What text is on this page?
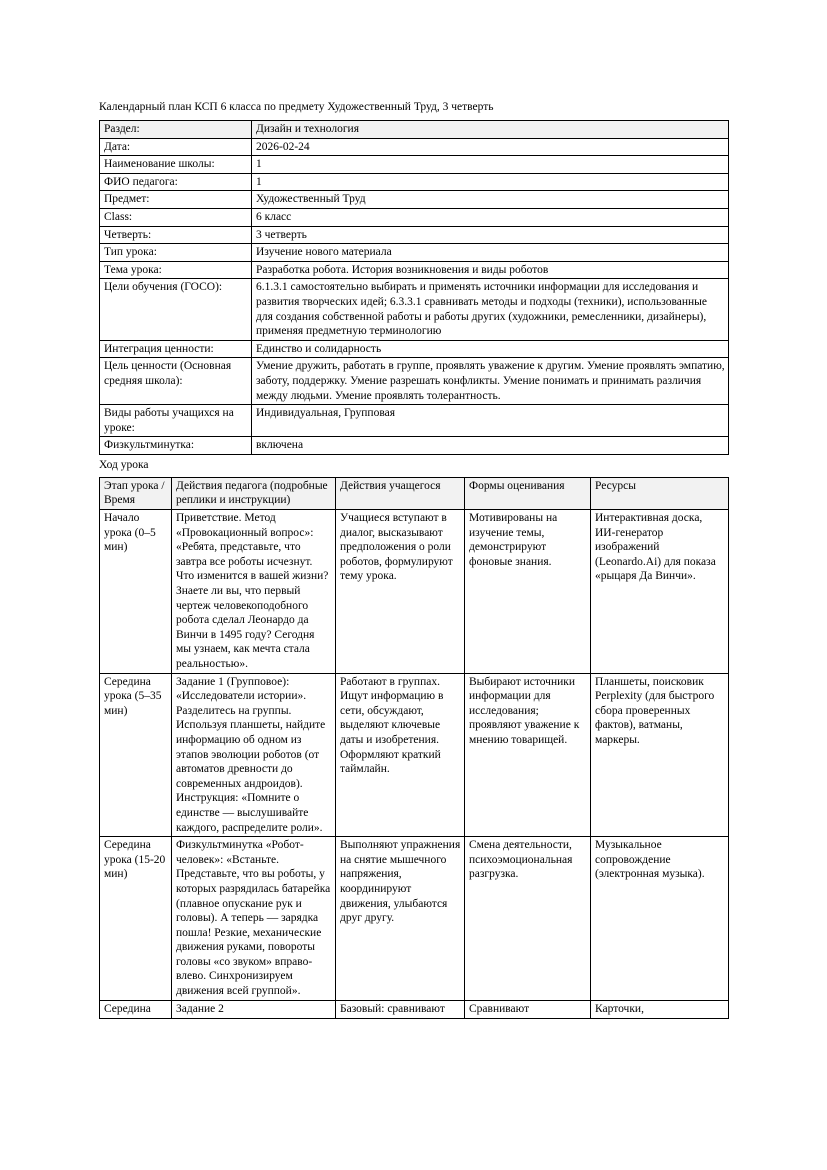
Календарный план КСП 6 класса по предмету Художественный Труд, 3 четверть

Раздел:	Дизайн и технология
Дата:	2026-02-24
Наименование школы:	1
ФИО педагога:	1
Предмет:	Художественный Труд
Class:	6 класс
Четверть:	3 четверть
Тип урока:	Изучение нового материала
Тема урока:	Разработка робота. История возникновения и виды роботов
Цели обучения (ГОСО):	6.1.3.1 самостоятельно выбирать и применять источники информации для исследования и развития творческих идей; 6.3.3.1 сравнивать методы и подходы (техники), использованные для создания собственной работы и работы других (художники, ремесленники, дизайнеры), применяя предметную терминологию
Интеграция ценности:	Единство и солидарность
Цель ценности (Основная средняя школа):	Умение дружить, работать в группе, проявлять уважение к другим. Умение проявлять эмпатию, заботу, поддержку. Умение разрешать конфликты. Умение понимать и принимать различия между людьми. Умение проявлять толерантность.
Виды работы учащихся на уроке:	Индивидуальная, Групповая
Физкультминутка:	включена

Ход урока

Этап урока / Время	Действия педагога (подробные реплики и инструкции)	Действия учащегося	Формы оценивания	Ресурсы
Начало урока (0–5 мин)	Приветствие. Метод «Провокационный вопрос»: «Ребята, представьте, что завтра все роботы исчезнут. Что изменится в вашей жизни? Знаете ли вы, что первый чертеж человекоподобного робота сделал Леонардо да Винчи в 1495 году? Сегодня мы узнаем, как мечта стала реальностью».	Учащиеся вступают в диалог, высказывают предположения о роли роботов, формулируют тему урока.	Мотивированы на изучение темы, демонстрируют фоновые знания.	Интерактивная доска, ИИ-генератор изображений (Leonardo.Ai) для показа «рыцаря Да Винчи».
Середина урока (5–35 мин)	Задание 1 (Групповое): «Исследователи истории». Разделитесь на группы. Используя планшеты, найдите информацию об одном из этапов эволюции роботов (от автоматов древности до современных андроидов). Инструкция: «Помните о единстве — выслушивайте каждого, распределите роли».	Работают в группах. Ищут информацию в сети, обсуждают, выделяют ключевые даты и изобретения. Оформляют краткий таймлайн.	Выбирают источники информации для исследования; проявляют уважение к мнению товарищей.	Планшеты, поисковик Perplexity (для быстрого сбора проверенных фактов), ватманы, маркеры.
Середина урока (15-20 мин)	Физкультминутка «Робот-человек»: «Встаньте. Представьте, что вы роботы, у которых разрядилась батарейка (плавное опускание рук и головы). А теперь — зарядка пошла! Резкие, механические движения руками, повороты головы «со звуком» вправо-влево. Синхронизируем движения всей группой».	Выполняют упражнения на снятие мышечного напряжения, координируют движения, улыбаются друг другу.	Смена деятельности, психоэмоциональная разгрузка.	Музыкальное сопровождение (электронная музыка).
Середина	Задание 2	Базовый: сравнивают	Сравнивают	Карточки,
